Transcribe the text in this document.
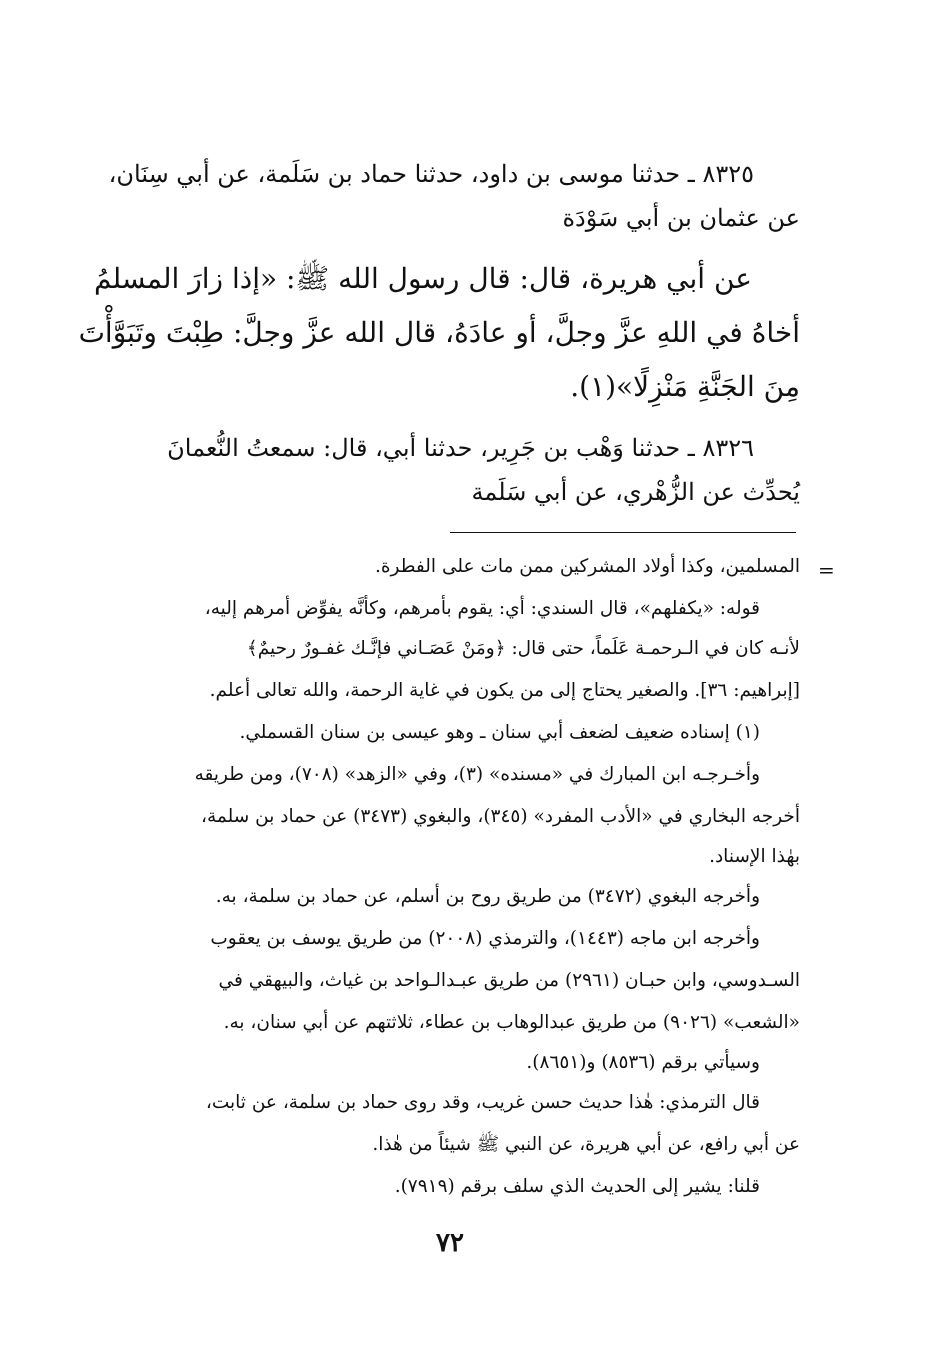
٨٣٢٥ ـ حدثنا موسى بن داود، حدثنا حماد بن سَلَمة، عن أبي سِنَان،
عن عثمان بن أبي سَوْدَة
عن أبي هريرة، قال: قال رسول الله ﷺ: «إذا زارَ المسلمُ
أخاهُ في اللهِ عزَّ وجلَّ، أو عادَهُ، قال الله عزَّ وجلَّ: طِبْتَ وتَبَوَّأْتَ
مِنَ الجَنَّةِ مَنْزِلًا»(١).
٨٣٢٦ ـ حدثنا وَهْب بن جَرِير، حدثنا أبي، قال: سمعتُ النُّعمانَ
يُحدِّث عن الزُّهْري، عن أبي سَلَمة
=
المسلمين، وكذا أولاد المشركين ممن مات على الفطرة.
قوله: «يكفلهم»، قال السندي: أي: يقوم بأمرهم، وكأنَّه يفوِّض أمرهم إليه،
لأنـه كان في الـرحمـة عَلَماً، حتى قال: ﴿ومَنْ عَصَـاني فإنَّـك غفـورٌ رحيمٌ﴾
[إبراهيم: ٣٦]. والصغير يحتاج إلى من يكون في غاية الرحمة، والله تعالى أعلم.
(١) إسناده ضعيف لضعف أبي سنان ـ وهو عيسى بن سنان القسملي.
وأخـرجـه ابن المبارك في «مسنده» (٣)، وفي «الزهد» (٧٠٨)، ومن طريقه
أخرجه البخاري في «الأدب المفرد» (٣٤٥)، والبغوي (٣٤٧٣) عن حماد بن سلمة،
بهٰذا الإسناد.
وأخرجه البغوي (٣٤٧٢) من طريق روح بن أسلم، عن حماد بن سلمة، به.
وأخرجه ابن ماجه (١٤٤٣)، والترمذي (٢٠٠٨) من طريق يوسف بن يعقوب
السـدوسي، وابن حبـان (٢٩٦١) من طريق عبـدالـواحد بن غياث، والبيهقي في
«الشعب» (٩٠٢٦) من طريق عبدالوهاب بن عطاء، ثلاثتهم عن أبي سنان، به.
وسيأتي برقم (٨٥٣٦) و(٨٦٥١).
قال الترمذي: هٰذا حديث حسن غريب، وقد روى حماد بن سلمة، عن ثابت،
عن أبي رافع، عن أبي هريرة، عن النبي ﷺ شيئاً من هٰذا.
قلنا: يشير إلى الحديث الذي سلف برقم (٧٩١٩).
٧٢
